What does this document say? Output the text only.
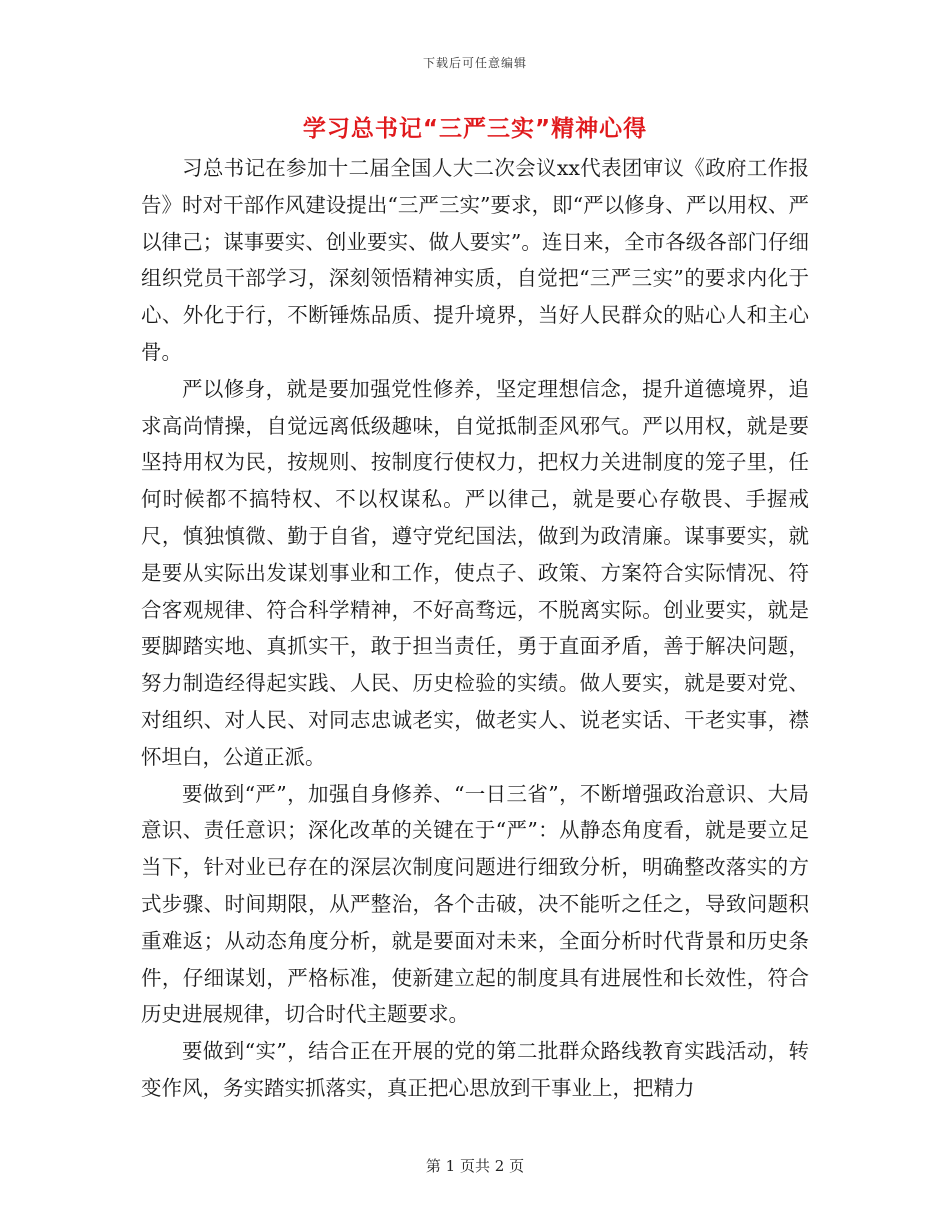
下载后可任意编辑
学习总书记“三严三实”精神心得

习总书记在参加十二届全国人大二次会议xx代表团审议《政府工作报告》时对干部作风建设提出“三严三实”要求，即“严以修身、严以用权、严以律己；谋事要实、创业要实、做人要实”。连日来，全市各级各部门仔细组织党员干部学习，深刻领悟精神实质，自觉把“三严三实”的要求内化于心、外化于行，不断锤炼品质、提升境界，当好人民群众的贴心人和主心骨。

严以修身，就是要加强党性修养，坚定理想信念，提升道德境界，追求高尚情操，自觉远离低级趣味，自觉抵制歪风邪气。严以用权，就是要坚持用权为民，按规则、按制度行使权力，把权力关进制度的笼子里，任何时候都不搞特权、不以权谋私。严以律己，就是要心存敬畏、手握戒尺，慎独慎微、勤于自省，遵守党纪国法，做到为政清廉。谋事要实，就是要从实际出发谋划事业和工作，使点子、政策、方案符合实际情况、符合客观规律、符合科学精神，不好高骛远，不脱离实际。创业要实，就是要脚踏实地、真抓实干，敢于担当责任，勇于直面矛盾，善于解决问题，努力制造经得起实践、人民、历史检验的实绩。做人要实，就是要对党、对组织、对人民、对同志忠诚老实，做老实人、说老实话、干老实事，襟怀坦白，公道正派。

要做到“严”，加强自身修养、“一日三省”，不断增强政治意识、大局意识、责任意识；深化改革的关键在于“严”：从静态角度看，就是要立足当下，针对业已存在的深层次制度问题进行细致分析，明确整改落实的方式步骤、时间期限，从严整治，各个击破，决不能听之任之，导致问题积重难返；从动态角度分析，就是要面对未来，全面分析时代背景和历史条件，仔细谋划，严格标准，使新建立起的制度具有进展性和长效性，符合历史进展规律，切合时代主题要求。

要做到“实”，结合正在开展的党的第二批群众路线教育实践活动，转变作风，务实踏实抓落实，真正把心思放到干事业上，把精力

第 1 页共 2 页
